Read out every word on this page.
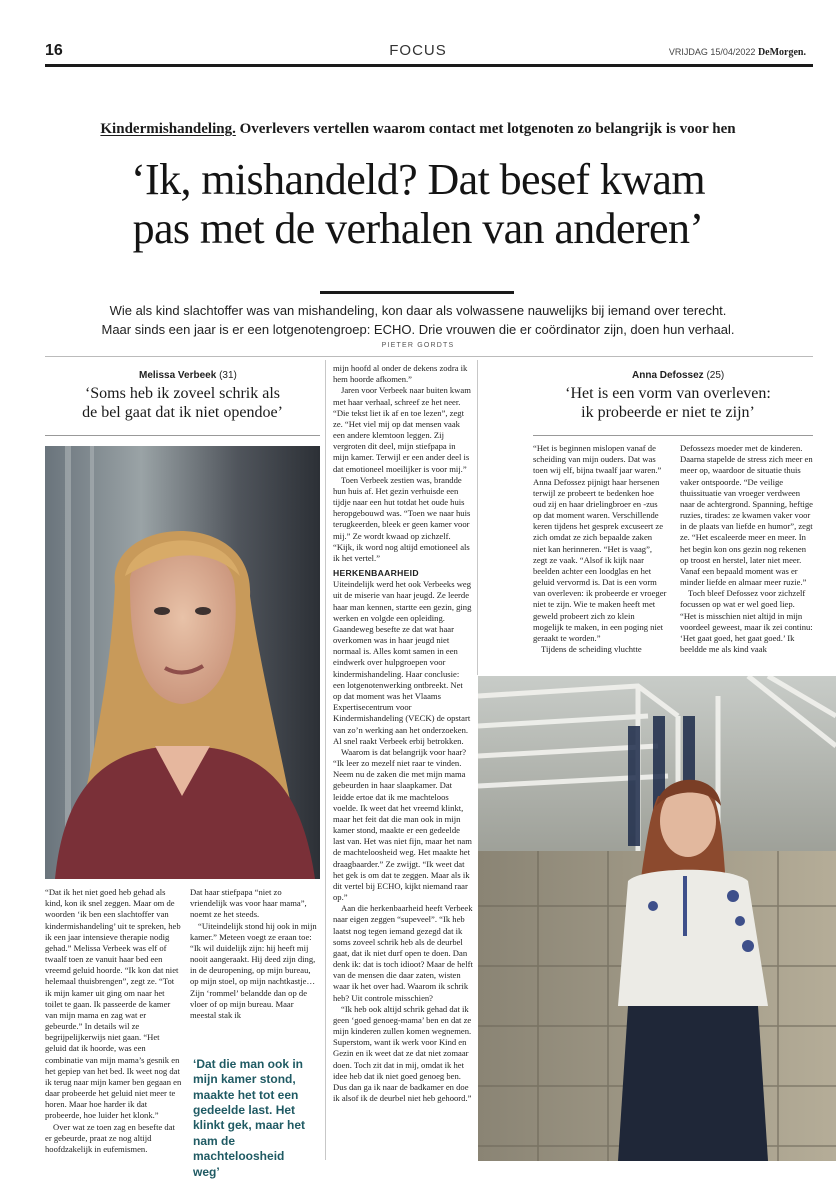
16	FOCUS	VRIJDAG 15/04/2022 DeMorgen.
Kindermishandeling. Overlevers vertellen waarom contact met lotgenoten zo belangrijk is voor hen
‘Ik, mishandeld? Dat besef kwam
pas met de verhalen van anderen’
Wie als kind slachtoffer was van mishandeling, kon daar als volwassene nauwelijks bij iemand over terecht.
Maar sinds een jaar is er een lotgenotengroep: ECHO. Drie vrouwen die er coördinator zijn, doen hun verhaal.
PIETER GORDTS
Melissa Verbeek (31)
‘Soms heb ik zoveel schrik als
de bel gaat dat ik niet opendoe’

“Dat ik het niet goed heb gehad als kind, kon ik snel zeggen. Maar om de woorden ‘ik ben een slachtoffer van kindermishandeling’ uit te spreken, heb ik een jaar intensieve therapie nodig gehad.” Melissa Verbeek was elf of twaalf toen ze vanuit haar bed een vreemd geluid hoorde. “Ik kon dat niet helemaal thuisbrengen”, zegt ze. “Tot ik mijn kamer uit ging om naar het toilet te gaan. Ik passeerde de kamer van mijn mama en zag wat er gebeurde.” In details wil ze begrijpelijkerwijs niet gaan. “Het geluid dat ik hoorde, was een combinatie van mijn mama’s gesnik en het gepiep van het bed. Ik weet nog dat ik terug naar mijn kamer ben gegaan en daar probeerde het geluid niet meer te horen. Maar hoe harder ik dat probeerde, hoe luider het klonk.”

Over wat ze toen zag en besefte dat er gebeurde, praat ze nog altijd hoofdzakelijk in eufemismen.

Dat haar stiefpapa “niet zo vriendelijk was voor haar mama”, noemt ze het steeds.

“Uiteindelijk stond hij ook in mijn kamer.” Meteen voegt ze eraan toe: “Ik wil duidelijk zijn: hij heeft mij nooit aangeraakt. Hij deed zijn ding, in de deuropening, op mijn bureau, op mijn stoel, op mijn nachtkastje… Zijn ‘rommel’ belandde dan op de vloer of op mijn bureau. Maar meestal stak ik

‘Dat die man ook in mijn kamer stond, maakte het tot een gedeelde last. Het klinkt gek, maar het nam de machteloosheid weg’

mijn hoofd al onder de dekens zodra ik hem hoorde afkomen.”

Jaren voor Verbeek naar buiten kwam met haar verhaal, schreef ze het neer. “Die tekst liet ik af en toe lezen”, zegt ze. “Het viel mij op dat mensen vaak een andere klemtoon leggen. Zij vergroten dit deel, mijn stiefpapa in mijn kamer. Terwijl er een ander deel is dat emotioneel moeilijker is voor mij.”

Toen Verbeek zestien was, brandde hun huis af. Het gezin verhuisde een tijdje naar een hut totdat het oude huis heropgebouwd was. “Toen we naar huis terugkeerden, bleek er geen kamer voor mij.” Ze wordt kwaad op zichzelf. “Kijk, ik word nog altijd emotioneel als ik het vertel.”

HERKENBAARHEID

Uiteindelijk werd het ook Verbeeks weg uit de miserie van haar jeugd. Ze leerde haar man kennen, startte een gezin, ging werken en volgde een opleiding. Gaandeweg besefte ze dat wat haar overkomen was in haar jeugd niet normaal is. Alles komt samen in een eindwerk over hulpgroepen voor kindermishandeling. Haar conclusie: een lotgenotenwerking ontbreekt. Net op dat moment was het Vlaams Expertisecentrum voor Kindermishandeling (VECK) de opstart van zo’n werking aan het onderzoeken. Al snel raakt Verbeek erbij betrokken.

Waarom is dat belangrijk voor haar? “Ik leer zo mezelf niet raar te vinden. Neem nu de zaken die met mijn mama gebeurden in haar slaapkamer. Dat leidde ertoe dat ik me machteloos voelde. Ik weet dat het vreemd klinkt, maar het feit dat die man ook in mijn kamer stond, maakte er een gedeelde last van. Het was niet fijn, maar het nam de machteloosheid weg. Het maakte het draagbaarder.” Ze zwijgt. “Ik weet dat het gek is om dat te zeggen. Maar als ik dit vertel bij ECHO, kijkt niemand raar op.”

Aan die herkenbaarheid heeft Verbeek naar eigen zeggen “supeveel”. “Ik heb laatst nog tegen iemand gezegd dat ik soms zoveel schrik heb als de deurbel gaat, dat ik niet durf open te doen. Dan denk ik: dat is toch idioot? Maar de helft van de mensen die daar zaten, wisten waar ik het over had. Waarom ik schrik heb? Uit controle misschien?

“Ik heb ook altijd schrik gehad dat ik geen ‘goed genoeg-mama’ ben en dat ze mijn kinderen zullen komen wegnemen. Superstom, want ik werk voor Kind en Gezin en ik weet dat ze dat niet zomaar doen. Toch zit dat in mij, omdat ik het idee heb dat ik niet goed genoeg ben. Dus dan ga ik naar de badkamer en doe ik alsof ik de deurbel niet heb gehoord.”

Anna Defossez (25)
‘Het is een vorm van overleven:
ik probeerde er niet te zijn’

“Het is beginnen mislopen vanaf de scheiding van mijn ouders. Dat was toen wij elf, bijna twaalf jaar waren.” Anna Defossez pijnigt haar hersenen terwijl ze probeert te bedenken hoe oud zij en haar drielingbroer en -zus op dat moment waren. Verschillende keren tijdens het gesprek excuseert ze zich omdat ze zich bepaalde zaken niet kan herinneren. “Het is vaag”, zegt ze vaak. “Alsof ik kijk naar beelden achter een loodglas en het geluid vervormd is. Dat is een vorm van overleven: ik probeerde er vroeger niet te zijn. Wie te maken heeft met geweld probeert zich zo klein mogelijk te maken, in een poging niet geraakt te worden.”

Tijdens de scheiding vluchtte

Defossezs moeder met de kinderen. Daarna stapelde de stress zich meer en meer op, waardoor de situatie thuis vaker ontspoorde. “De veilige thuissituatie van vroeger verdween naar de achtergrond. Spanning, heftige ruzies, tirades: ze kwamen vaker voor in de plaats van liefde en humor”, zegt ze. “Het escaleerde meer en meer. In het begin kon ons gezin nog rekenen op troost en herstel, later niet meer. Vanaf een bepaald moment was er minder liefde en almaar meer ruzie.”

Toch bleef Defossez voor zichzelf focussen op wat er wel goed liep. “Het is misschien niet altijd in mijn voordeel geweest, maar ik zei continu: ‘Het gaat goed, het gaat goed.’ Ik beeldde me als kind vaak
